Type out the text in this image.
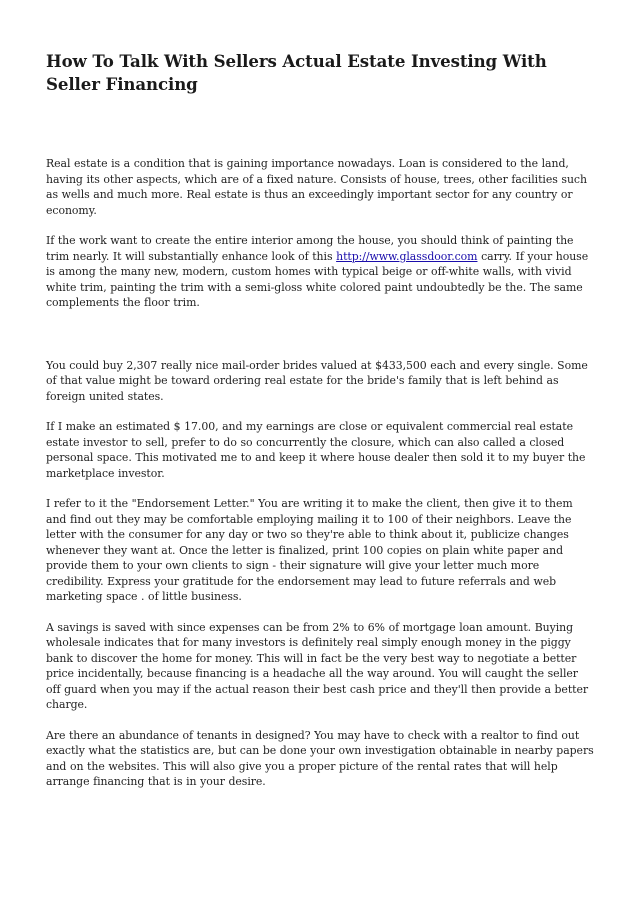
How To Talk With Sellers Actual Estate Investing With Seller Financing

Real estate is a condition that is gaining importance nowadays. Loan is considered to the land, having its other aspects, which are of a fixed nature. Consists of house, trees, other facilities such as wells and much more. Real estate is thus an exceedingly important sector for any country or economy.

If the work want to create the entire interior among the house, you should think of painting the trim nearly. It will substantially enhance look of this http://www.glassdoor.com carry. If your house is among the many new, modern, custom homes with typical beige or off-white walls, with vivid white trim, painting the trim with a semi-gloss white colored paint undoubtedly be the. The same complements the floor trim.

You could buy 2,307 really nice mail-order brides valued at $433,500 each and every single. Some of that value might be toward ordering real estate for the bride's family that is left behind as foreign united states.

If I make an estimated $ 17.00, and my earnings are close or equivalent commercial real estate estate investor to sell, prefer to do so concurrently the closure, which can also called a closed personal space. This motivated me to and keep it where house dealer then sold it to my buyer the marketplace investor.

I refer to it the "Endorsement Letter." You are writing it to make the client, then give it to them and find out they may be comfortable employing mailing it to 100 of their neighbors. Leave the letter with the consumer for any day or two so they're able to think about it, publicize changes whenever they want at. Once the letter is finalized, print 100 copies on plain white paper and provide them to your own clients to sign - their signature will give your letter much more credibility. Express your gratitude for the endorsement may lead to future referrals and web marketing space . of little business.

A savings is saved with since expenses can be from 2% to 6% of mortgage loan amount. Buying wholesale indicates that for many investors is definitely real simply enough money in the piggy bank to discover the home for money. This will in fact be the very best way to negotiate a better price incidentally, because financing is a headache all the way around. You will caught the seller off guard when you may if the actual reason their best cash price and they'll then provide a better charge.

Are there an abundance of tenants in designed? You may have to check with a realtor to find out exactly what the statistics are, but can be done your own investigation obtainable in nearby papers and on the websites. This will also give you a proper picture of the rental rates that will help arrange financing that is in your desire.
